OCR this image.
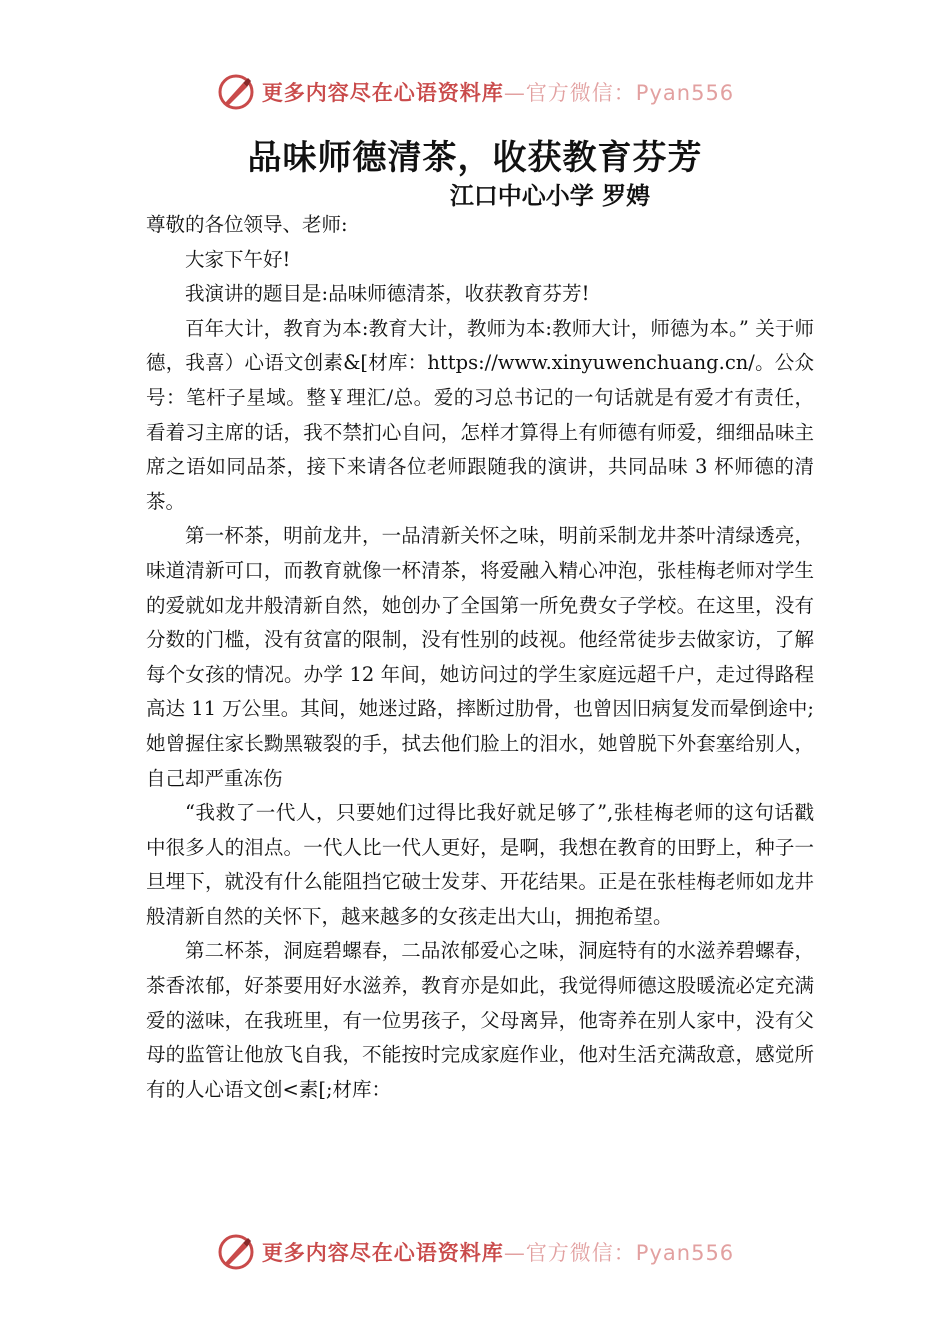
更多内容尽在心语资料库—官方微信：Pyan556
品味师德清茶，收获教育芬芳
江口中心小学 罗娉

尊敬的各位领导、老师:

大家下午好!

我演讲的题目是:品味师德清茶，收获教育芬芳!

百年大计，教育为本:教育大计，教师为本:教师大计，师德为本。” 关于师德，我喜）心语文创素&[材库：https://www.xinyuwenchuang.cn/。公众号：笔杆子星域。整￥理汇/总。爱的习总书记的一句话就是有爱才有责任，看着习主席的话，我不禁扪心自问，怎样才算得上有师德有师爱，细细品味主席之语如同品茶，接下来请各位老师跟随我的演讲，共同品味 3 杯师德的清茶。

第一杯茶，明前龙井，一品清新关怀之味，明前采制龙井茶叶清绿透亮，味道清新可口，而教育就像一杯清茶，将爱融入精心冲泡，张桂梅老师对学生的爱就如龙井般清新自然，她创办了全国第一所免费女子学校。在这里，没有分数的门槛，没有贫富的限制，没有性别的歧视。他经常徒步去做家访，了解每个女孩的情况。办学 12 年间，她访问过的学生家庭远超千户，走过得路程高达 11 万公里。其间，她迷过路，摔断过肋骨，也曾因旧病复发而晕倒途中;她曾握住家长黝黑皲裂的手，拭去他们脸上的泪水，她曾脱下外套塞给别人，自己却严重冻伤

“我救了一代人，只要她们过得比我好就足够了”,张桂梅老师的这句话戳中很多人的泪点。一代人比一代人更好，是啊，我想在教育的田野上，种子一旦埋下，就没有什么能阻挡它破士发芽、开花结果。正是在张桂梅老师如龙井般清新自然的关怀下，越来越多的女孩走出大山，拥抱希望。

第二杯茶，洞庭碧螺春，二品浓郁爱心之味，洞庭特有的水滋养碧螺春，茶香浓郁，好茶要用好水滋养，教育亦是如此，我觉得师德这股暖流必定充满爱的滋味，在我班里，有一位男孩子，父母离异，他寄养在别人家中，没有父母的监管让他放飞自我，不能按时完成家庭作业，他对生活充满敌意，感觉所有的人心语文创<素[;材库：

更多内容尽在心语资料库—官方微信：Pyan556
